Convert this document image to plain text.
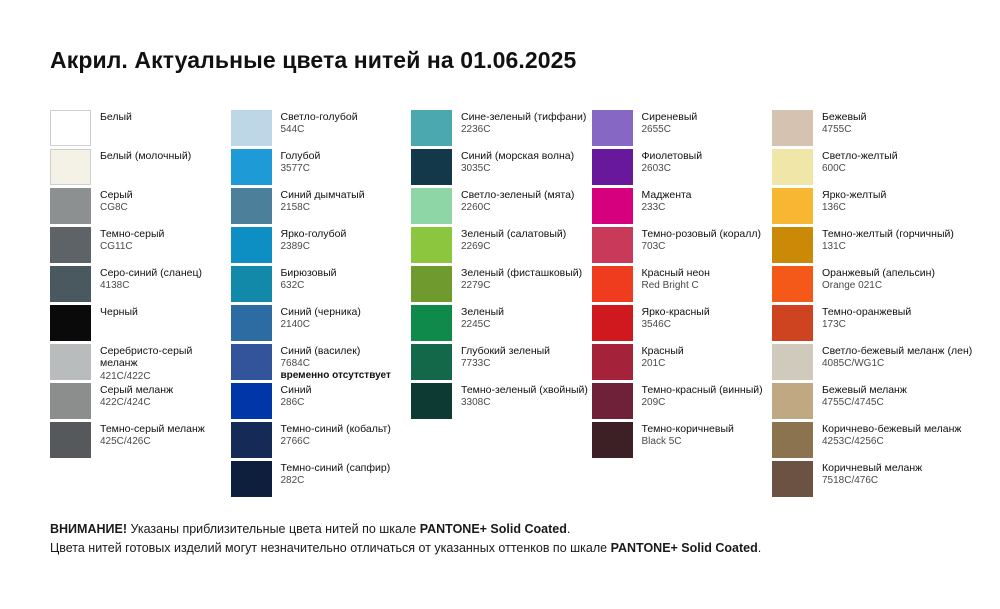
Акрил. Актуальные цвета нитей на 01.06.2025
Белый
Белый (молочный)
Серый
CG8C
Темно-серый
CG11C
Серо-синий (сланец)
4138C
Черный
Серебристо-серый меланж
421C/422C
Серый меланж
422C/424C
Темно-серый меланж
425C/426C
Светло-голубой
544C
Голубой
3577C
Синий дымчатый
2158C
Ярко-голубой
2389C
Бирюзовый
632C
Синий (черника)
2140C
Синий (василек)
7684C
временно отсутствует
Синий
286C
Темно-синий (кобальт)
2766C
Темно-синий (сапфир)
282C
Сине-зеленый (тиффани)
2236C
Синий (морская волна)
3035C
Светло-зеленый (мята)
2260C
Зеленый (салатовый)
2269C
Зеленый (фисташковый)
2279C
Зеленый
2245C
Глубокий зеленый
7733C
Темно-зеленый (хвойный)
3308C
Сиреневый
2655C
Фиолетовый
2603C
Маджента
233C
Темно-розовый (коралл)
703C
Красный неон
Red Bright C
Ярко-красный
3546C
Красный
201C
Темно-красный (винный)
209C
Темно-коричневый
Black 5C
Бежевый
4755C
Светло-желтый
600C
Ярко-желтый
136C
Темно-желтый (горчичный)
131C
Оранжевый (апельсин)
Orange 021C
Темно-оранжевый
173C
Светло-бежевый меланж (лен)
4085C/WG1C
Бежевый меланж
4755C/4745C
Коричнево-бежевый меланж
4253C/4256C
Коричневый меланж
7518C/476C
ВНИМАНИЕ! Указаны приблизительные цвета нитей по шкале PANTONE+ Solid Coated.
Цвета нитей готовых изделий могут незначительно отличаться от указанных оттенков по шкале PANTONE+ Solid Coated.
